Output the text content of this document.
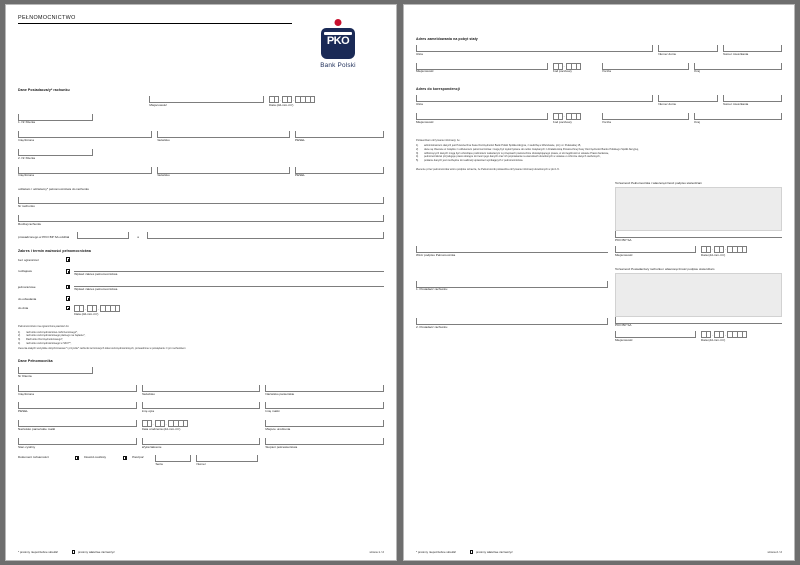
PEŁNOMOCNICTWO
PKO
Bank Polski
Dane Posiadacza/y* rachunku
Miejscowość
-	-
Data (dd-mm-rrrr)
1. Nr Klienta
Imię/Imiona	Nazwisko	PESEL
2. Nr Klienta
Imię/Imiona	Nazwisko	PESEL
udzielam / udzielamy* pełnomocnictwa do rachunku
Nr rachunku
Rodzaj rachunku
prowadzonego w PKO BP SA oddział	w
Zakres i termin ważności pełnomocnictwa
bez ograniczeń
rodzajowe
Wpisać zakres pełnomocnictwa
jednorazowe
Wpisać zakres pełnomocnictwa
do odwołania
do dnia	-	-
Data (dd-mm-rrrr)

Pełnomocnictwo ma ograniczoną wartość do:

1)	rachunku oszczędnościowo-rozliczeniowego*,
2)	rachunku oszczędnościowego płatnego na żądanie*,
3)	Rachunku Oszczędnościowego*,
4)	rachunku oszczędnościowego w SKO**,

zlecenia stałych wszystkie dotychczasowe* i przyszłe* rachunki terminowych lokat oszczędnościowych, prowadzone w powiązaniu z tym rachunkiem

Dane Pełnomocnika
Nr Klienta
Imię/Imiona	Nazwisko	Nazwisko panieńskie
PESEL	Imię ojca	Imię matki
Nazwisko panieńskie matki
-	-
Data urodzenia (dd-mm-rrrr)	Miejsce urodzenia
Stan cywilny	Wykształcenie	Stopień pokrewieństwa
Dokument tożsamości:	Dowód osobisty	Paszport
Seria	Numer
* prosimy niepotrzebne skreślić	prosimy właściwe zaznaczyć	strona 1 / 2
Adres zameldowania na pobyt stały
Ulica	Numer domu	Numer mieszkania
Miejscowość
-
Kod pocztowy	Poczta	Kraj
Adres do korespondencji
Ulica	Numer domu	Numer mieszkania
Miejscowość
-
Kod pocztowy	Poczta	Kraj

Potwierdzam otrzymanie informacji, że:

1)	administratorem danych jest Powszechna Kasa Oszczędności Bank Polski Spółka Akcyjna, z siedzibą w Warszawie, przy ul. Puławskiej 15,
2)	dane są zbierane w związku z udzieleniem pełnomocnictwa i mogą być wykorzystane do celów związanych z działalnością Powszechnej Kasy Oszczędności Banku Polskiego Spółki Akcyjnej,
3)	odbiorcą tych danych mogą być uchodzące podmiotem wskazanym w przepisach powszechnie obowiązującego prawa, w szczególności w ustawie Prawo bankowe,
4)	pełnomocnikowi przysługuje prawo dostępu do treści jego danych oraz ich poprawiania na warunkach określonych w ustawie o ochronie danych osobowych,
5)	podanie danych jest niezbędne do realizacji uprawnień wynikających z pełnomocnictwa.

Zlecenie przez pełnomocnika wzoru podpisu oznacza, że Pełnomocnik potwierdza otrzymanie informacji określonych w pkt 1-5.

Wzór podpisu Pełnomocnika
Tożsamość Pełnomocnika i własnoręczność podpisu stwierdzam
PKO BP SA
Miejscowość
-	-
Data (dd-mm-rrrr)
1. Posiadacz rachunku
2. Posiadacz rachunku
Tożsamość Posiadacza/y rachunku i własnoręczność podpisu stwierdzam
PKO BP SA
Miejscowość
-	-
Data (dd-mm-rrrr)
* prosimy niepotrzebne skreślić	prosimy właściwe zaznaczyć	strona 2 / 2
